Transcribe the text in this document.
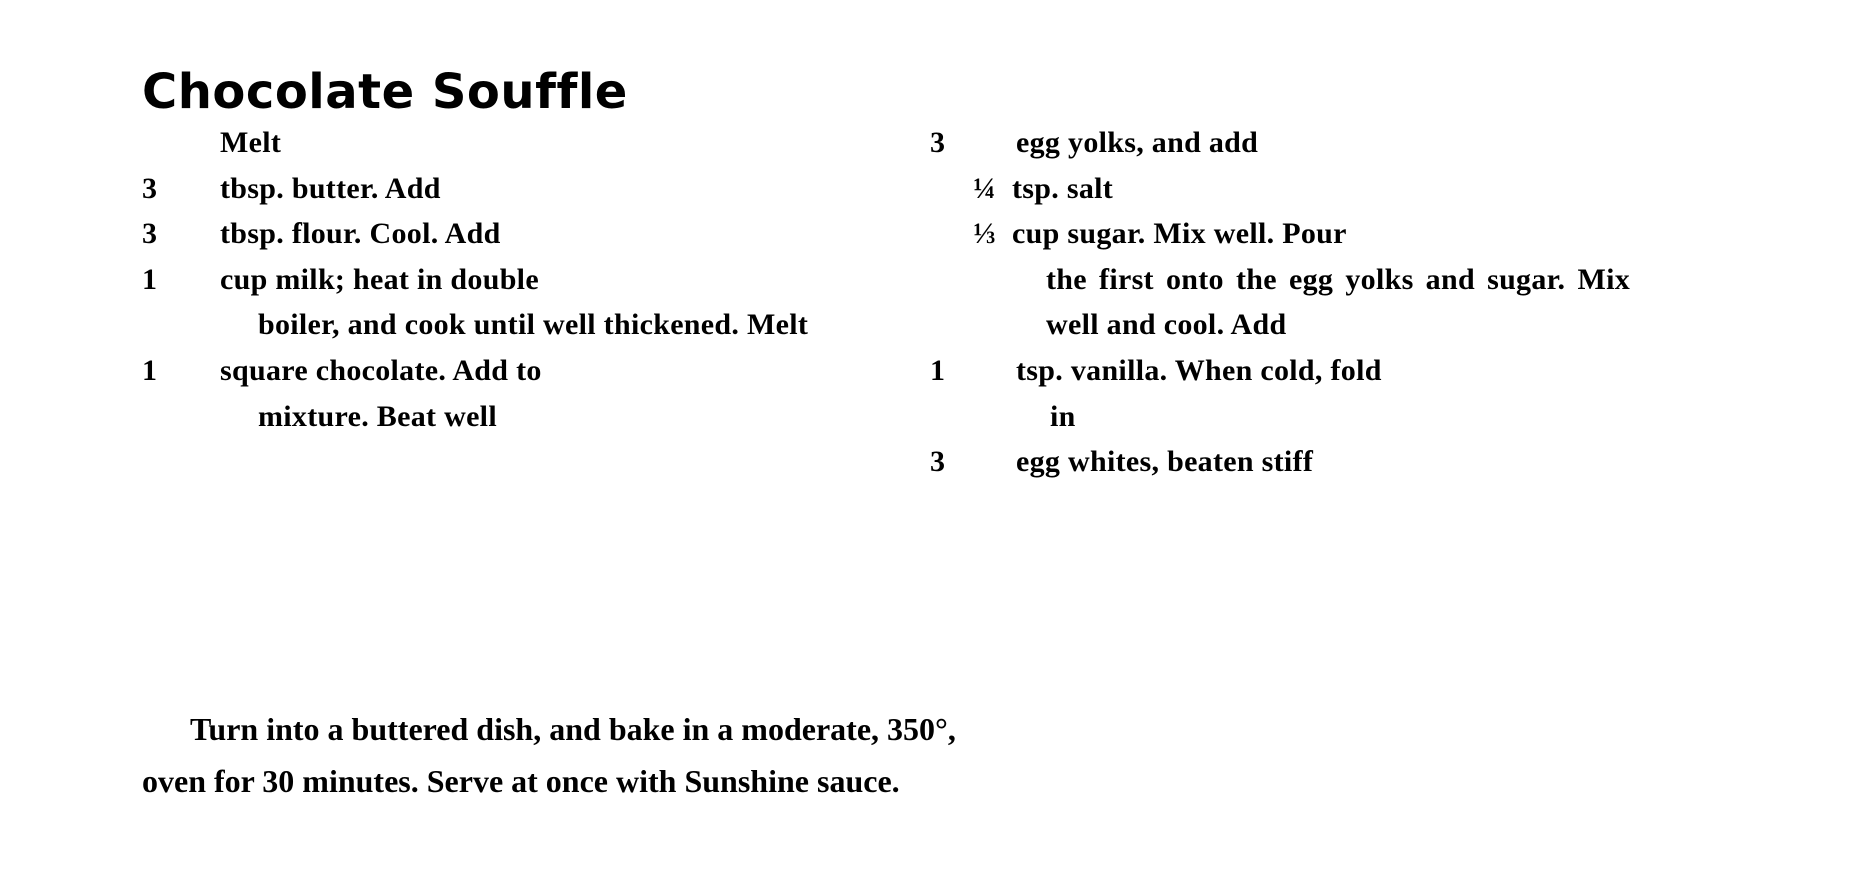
Chocolate Souffle
Melt
3	tbsp. butter. Add
3	tbsp. flour. Cool. Add
1	cup milk; heat in double
boiler, and cook until well thickened. Melt
1	square chocolate. Add to
mixture. Beat well
3	egg yolks, and add
¼ tsp. salt
⅓ cup sugar. Mix well. Pour
the first onto the egg yolks and sugar. Mix well and cool. Add
1	tsp. vanilla. When cold, fold
in
3	egg whites, beaten stiff

Turn into a buttered dish, and bake in a moderate, 350°,
oven for 30 minutes. Serve at once with Sunshine sauce.
